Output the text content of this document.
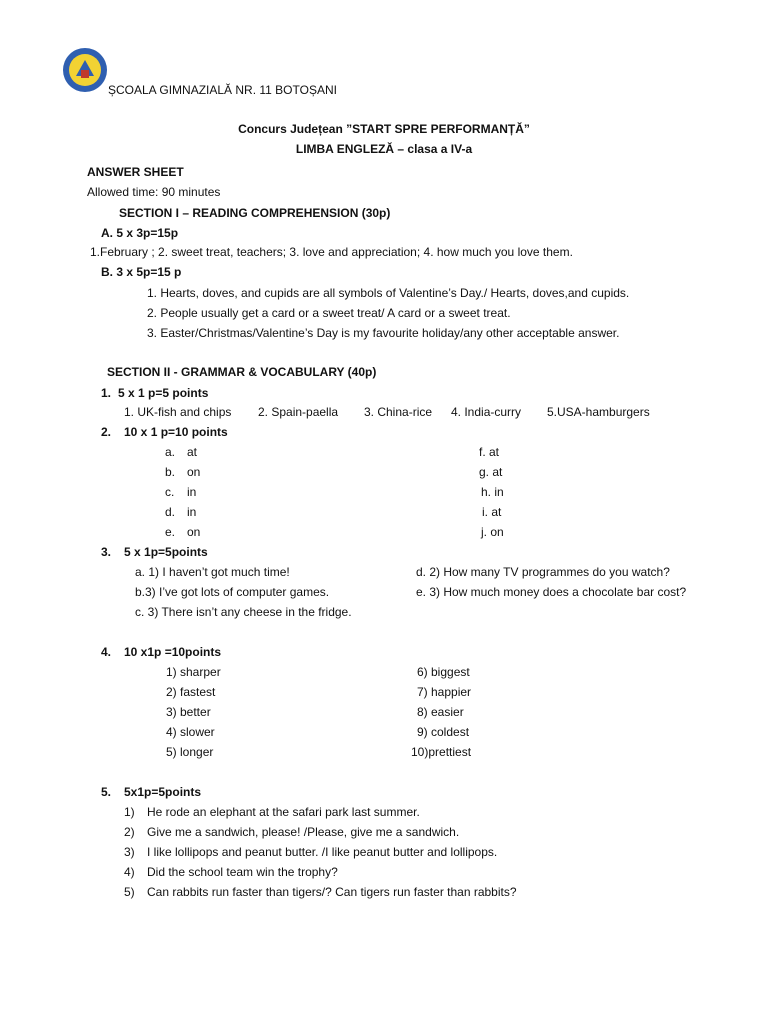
ȘCOALA GIMNAZIALĂ NR. 11 BOTOȘANI
Concurs Județean ”START SPRE PERFORMANȚĂ”
LIMBA ENGLEZĂ – clasa a IV-a
ANSWER SHEET
Allowed time: 90 minutes
SECTION I – READING COMPREHENSION (30p)
A. 5 x 3p=15p
1.February ; 2. sweet treat, teachers; 3. love and appreciation; 4. how much you love them.
B. 3 x 5p=15 p
1. Hearts, doves, and cupids are all symbols of Valentine’s Day./ Hearts, doves,and cupids.
2. People usually get a card or a sweet treat/ A card or a sweet treat.
3. Easter/Christmas/Valentine’s Day is my favourite holiday/any other acceptable answer.
SECTION II - GRAMMAR & VOCABULARY (40p)
1. 5 x 1 p=5 points
1. UK-fish and chips 2. Spain-paella 3. China-rice 4. India-curry 5.USA-hamburgers
2. 10 x 1 p=10 points
a. at
b. on
c. in
d. in
e. on
f. at
g. at
h. in
i. at
j. on
3. 5 x 1p=5points
a. 1) I haven’t got much time!
b.3) I’ve got lots of computer games.
c. 3) There isn’t any cheese in the fridge.
d. 2) How many TV programmes do you watch?
e. 3) How much money does a chocolate bar cost?
4. 10 x1p =10points
1) sharper
2) fastest
3) better
4) slower
5) longer
6) biggest
7) happier
8) easier
9) coldest
10)prettiest
5. 5x1p=5points
1) He rode an elephant at the safari park last summer.
2) Give me a sandwich, please! /Please, give me a sandwich.
3) I like lollipops and peanut butter. /I like peanut butter and lollipops.
4) Did the school team win the trophy?
5) Can rabbits run faster than tigers/? Can tigers run faster than rabbits?
